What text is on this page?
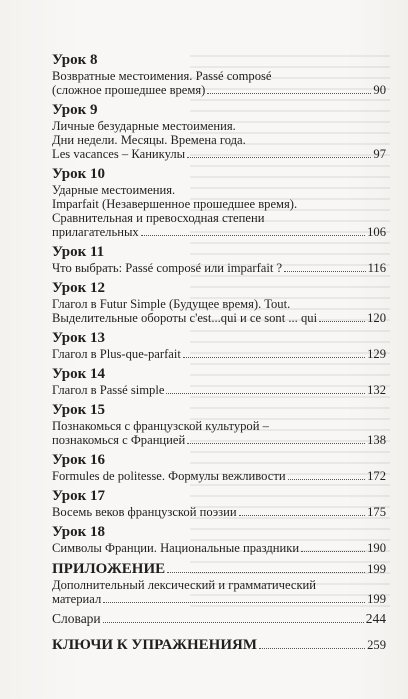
Урок 8
Возвратные местоимения. Passé composé
(сложное прошедшее время)	90
Урок 9
Личные безударные местоимения.
Дни недели. Месяцы. Времена года.
Les vacances – Каникулы	97
Урок 10
Ударные местоимения.
Imparfait (Незавершенное прошедшее время).
Сравнительная и превосходная степени
прилагательных	106
Урок 11
Что выбрать: Passé composé или imparfait ?	116
Урок 12
Глагол в Futur Simple (Будущее время). Tout.
Выделительные обороты c'est...qui и ce sont ... qui	120
Урок 13
Глагол в Plus-que-parfait	129
Урок 14
Глагол в Passé simple	132
Урок 15
Познакомься с французской культурой –
познакомься с Францией	138
Урок 16
Formules de politesse. Формулы вежливости	172
Урок 17
Восемь веков французской поэзии	175
Урок 18
Символы Франции. Национальные праздники	190
ПРИЛОЖЕНИЕ	199
Дополнительный лексический и грамматический
материал	199
Словари	244
КЛЮЧИ К УПРАЖНЕНИЯМ	259
